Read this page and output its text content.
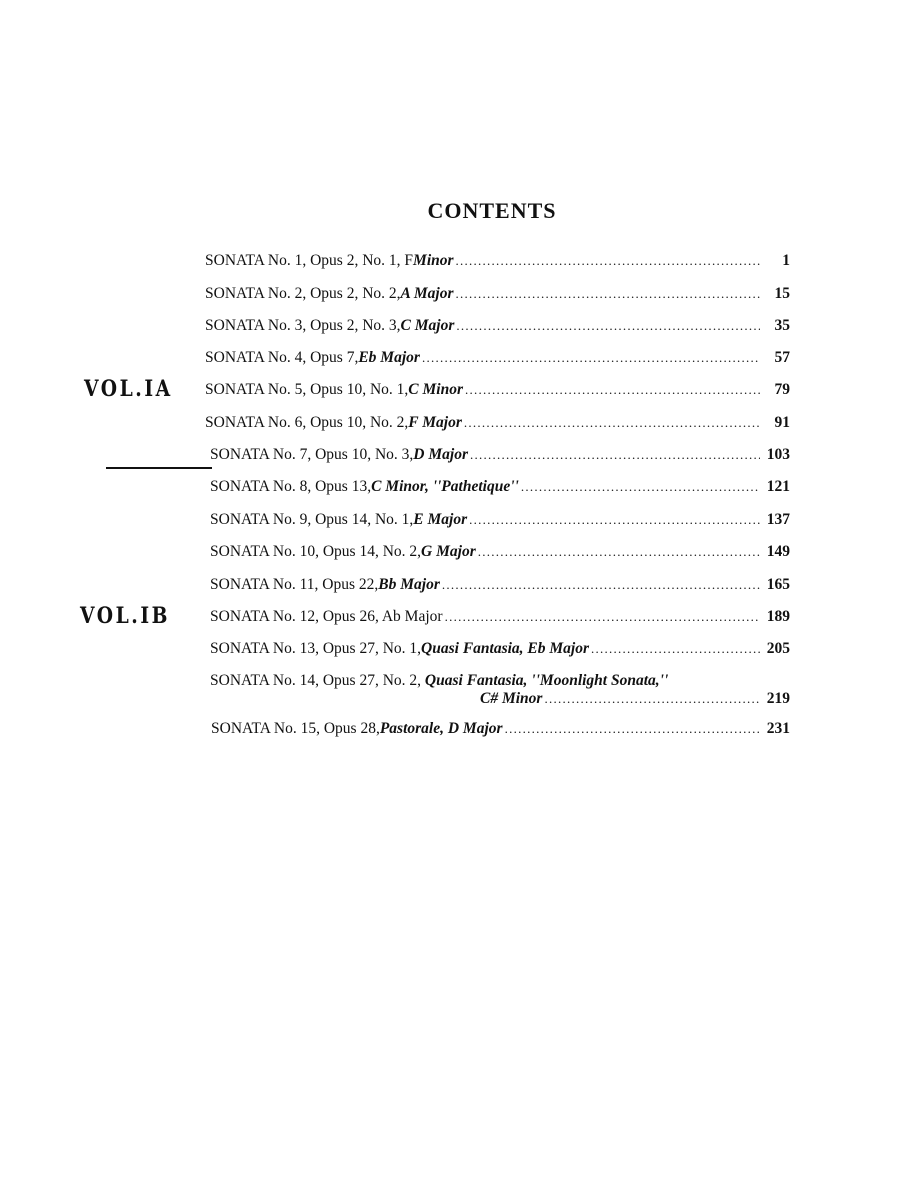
CONTENTS
VOL.IA
VOL.IB
SONATA No. 1, Opus 2, No. 1, F Minor . . .	1
SONATA No. 2, Opus 2, No. 2, A Major . . .	15
SONATA No. 3, Opus 2, No. 3, C Major . . .	35
SONATA No. 4, Opus 7, Eb Major . . .	57
SONATA No. 5, Opus 10, No. 1, C Minor . . .	79
SONATA No. 6, Opus 10, No. 2, F Major . . .	91
SONATA No. 7, Opus 10, No. 3, D Major . . .	103
SONATA No. 8, Opus 13, C Minor, ''Pathetique'' . . .	121
SONATA No. 9, Opus 14, No. 1, E Major . . .	137
SONATA No. 10, Opus 14, No. 2, G Major . . .	149
SONATA No. 11, Opus 22, Bb Major . . .	165
SONATA No. 12, Opus 26, Ab Major . . .	189
SONATA No. 13, Opus 27, No. 1, Quasi Fantasia, Eb Major . . .	205
SONATA No. 14, Opus 27, No. 2, Quasi Fantasia, ''Moonlight Sonata,''
C# Minor . . .	219
SONATA No. 15, Opus 28, Pastorale, D Major . . .	231
